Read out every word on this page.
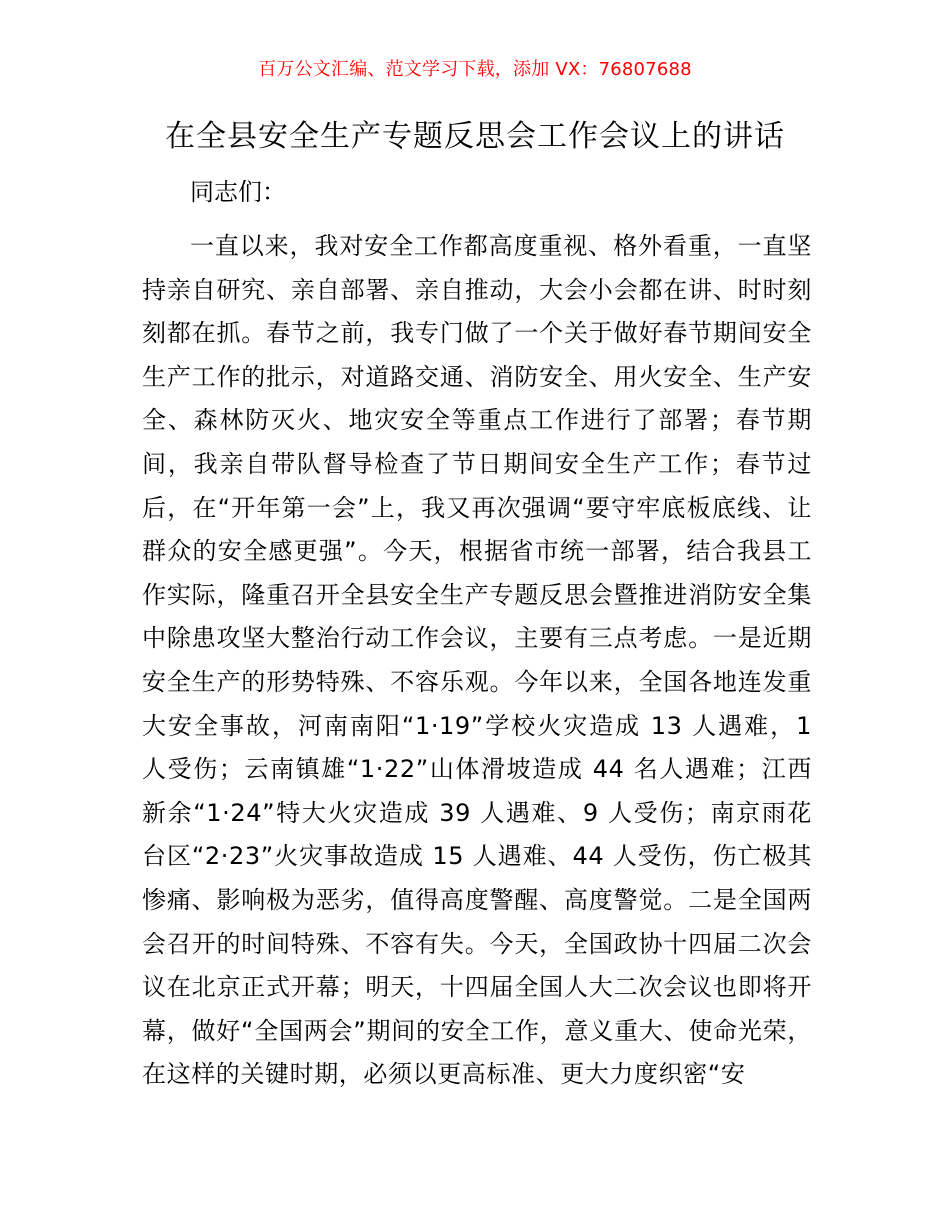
百万公文汇编、范文学习下载，添加 VX：76807688
在全县安全生产专题反思会工作会议上的讲话

同志们：

一直以来，我对安全工作都高度重视、格外看重，一直坚持亲自研究、亲自部署、亲自推动，大会小会都在讲、时时刻刻都在抓。春节之前，我专门做了一个关于做好春节期间安全生产工作的批示，对道路交通、消防安全、用火安全、生产安全、森林防灭火、地灾安全等重点工作进行了部署；春节期间，我亲自带队督导检查了节日期间安全生产工作；春节过后，在“开年第一会”上，我又再次强调“要守牢底板底线、让群众的安全感更强”。今天，根据省市统一部署，结合我县工作实际，隆重召开全县安全生产专题反思会暨推进消防安全集中除患攻坚大整治行动工作会议，主要有三点考虑。一是近期安全生产的形势特殊、不容乐观。今年以来，全国各地连发重大安全事故，河南南阳“1·19”学校火灾造成 13 人遇难，1 人受伤；云南镇雄“1·22”山体滑坡造成 44 名人遇难；江西新余“1·24”特大火灾造成 39 人遇难、9 人受伤；南京雨花台区“2·23”火灾事故造成 15 人遇难、44 人受伤，伤亡极其惨痛、影响极为恶劣，值得高度警醒、高度警觉。二是全国两会召开的时间特殊、不容有失。今天，全国政协十四届二次会议在北京正式开幕；明天，十四届全国人大二次会议也即将开幕，做好“全国两会”期间的安全工作，意义重大、使命光荣，在这样的关键时期，必须以更高标准、更大力度织密“安
